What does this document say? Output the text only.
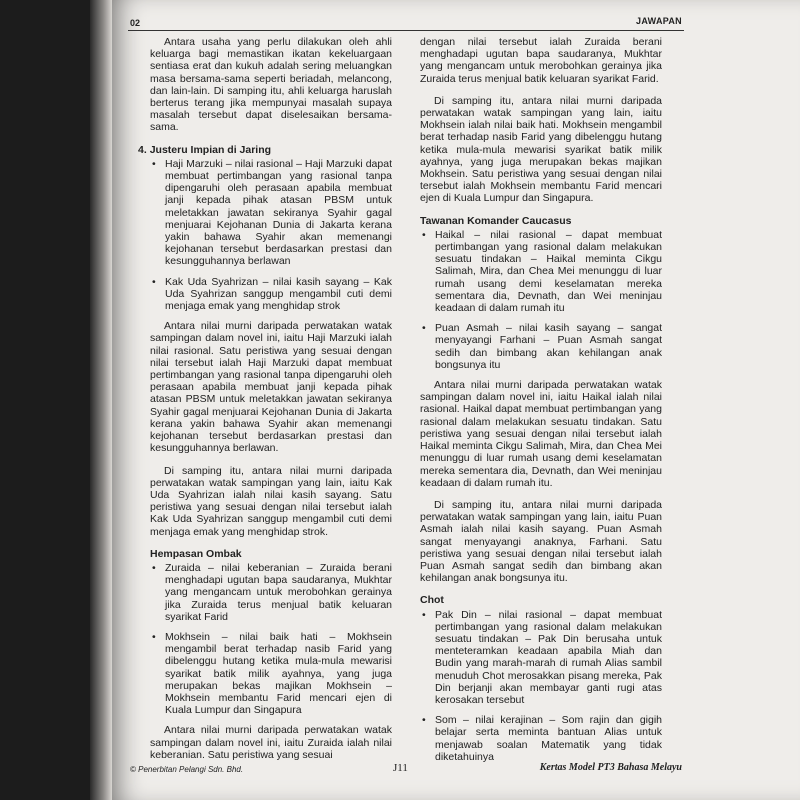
02	JAWAPAN

Antara usaha yang perlu dilakukan oleh ahli keluarga bagi memastikan ikatan kekeluargaan sentiasa erat dan kukuh adalah sering meluangkan masa bersama-sama seperti beriadah, melancong, dan lain-lain. Di samping itu, ahli keluarga haruslah berterus terang jika mempunyai masalah supaya masalah tersebut dapat diselesaikan bersama-sama.

4. Justeru Impian di Jaring
• Haji Marzuki – nilai rasional – Haji Marzuki dapat membuat pertimbangan yang rasional tanpa dipengaruhi oleh perasaan apabila membuat janji kepada pihak atasan PBSM untuk meletakkan jawatan sekiranya Syahir gagal menjuarai Kejohanan Dunia di Jakarta kerana yakin bahawa Syahir akan memenangi kejohanan tersebut berdasarkan prestasi dan kesungguhannya berlawan
• Kak Uda Syahrizan – nilai kasih sayang – Kak Uda Syahrizan sanggup mengambil cuti demi menjaga emak yang menghidap strok

Antara nilai murni daripada perwatakan watak sampingan dalam novel ini, iaitu Haji Marzuki ialah nilai rasional. Satu peristiwa yang sesuai dengan nilai tersebut ialah Haji Marzuki dapat membuat pertimbangan yang rasional tanpa dipengaruhi oleh perasaan apabila membuat janji kepada pihak atasan PBSM untuk meletakkan jawatan sekiranya Syahir gagal menjuarai Kejohanan Dunia di Jakarta kerana yakin bahawa Syahir akan memenangi kejohanan tersebut berdasarkan prestasi dan kesungguhannya berlawan.

Di samping itu, antara nilai murni daripada perwatakan watak sampingan yang lain, iaitu Kak Uda Syahrizan ialah nilai kasih sayang. Satu peristiwa yang sesuai dengan nilai tersebut ialah Kak Uda Syahrizan sanggup mengambil cuti demi menjaga emak yang menghidap strok.

Hempasan Ombak
• Zuraida – nilai keberanian – Zuraida berani menghadapi ugutan bapa saudaranya, Mukhtar yang mengancam untuk merobohkan gerainya jika Zuraida terus menjual batik keluaran syarikat Farid
• Mokhsein – nilai baik hati – Mokhsein mengambil berat terhadap nasib Farid yang dibelenggu hutang ketika mula-mula mewarisi syarikat batik milik ayahnya, yang juga merupakan bekas majikan Mokhsein – Mokhsein membantu Farid mencari ejen di Kuala Lumpur dan Singapura

Antara nilai murni daripada perwatakan watak sampingan dalam novel ini, iaitu Zuraida ialah nilai keberanian. Satu peristiwa yang sesuai

dengan nilai tersebut ialah Zuraida berani menghadapi ugutan bapa saudaranya, Mukhtar yang mengancam untuk merobohkan gerainya jika Zuraida terus menjual batik keluaran syarikat Farid.

Di samping itu, antara nilai murni daripada perwatakan watak sampingan yang lain, iaitu Mokhsein ialah nilai baik hati. Mokhsein mengambil berat terhadap nasib Farid yang dibelenggu hutang ketika mula-mula mewarisi syarikat batik milik ayahnya, yang juga merupakan bekas majikan Mokhsein. Satu peristiwa yang sesuai dengan nilai tersebut ialah Mokhsein membantu Farid mencari ejen di Kuala Lumpur dan Singapura.

Tawanan Komander Caucasus
• Haikal – nilai rasional – dapat membuat pertimbangan yang rasional dalam melakukan sesuatu tindakan – Haikal meminta Cikgu Salimah, Mira, dan Chea Mei menunggu di luar rumah usang demi keselamatan mereka sementara dia, Devnath, dan Wei meninjau keadaan di dalam rumah itu
• Puan Asmah – nilai kasih sayang – sangat menyayangi Farhani – Puan Asmah sangat sedih dan bimbang akan kehilangan anak bongsunya itu

Antara nilai murni daripada perwatakan watak sampingan dalam novel ini, iaitu Haikal ialah nilai rasional. Haikal dapat membuat pertimbangan yang rasional dalam melakukan sesuatu tindakan. Satu peristiwa yang sesuai dengan nilai tersebut ialah Haikal meminta Cikgu Salimah, Mira, dan Chea Mei menunggu di luar rumah usang demi keselamatan mereka sementara dia, Devnath, dan Wei meninjau keadaan di dalam rumah itu.

Di samping itu, antara nilai murni daripada perwatakan watak sampingan yang lain, iaitu Puan Asmah ialah nilai kasih sayang. Puan Asmah sangat menyayangi anaknya, Farhani. Satu peristiwa yang sesuai dengan nilai tersebut ialah Puan Asmah sangat sedih dan bimbang akan kehilangan anak bongsunya itu.

Chot
• Pak Din – nilai rasional – dapat membuat pertimbangan yang rasional dalam melakukan sesuatu tindakan – Pak Din berusaha untuk menteteramkan keadaan apabila Miah dan Budin yang marah-marah di rumah Alias sambil menuduh Chot merosakkan pisang mereka, Pak Din berjanji akan membayar ganti rugi atas kerosakan tersebut
• Som – nilai kerajinan – Som rajin dan gigih belajar serta meminta bantuan Alias untuk menjawab soalan Matematik yang tidak diketahuinya
© Penerbitan Pelangi Sdn. Bhd.	J11	Kertas Model PT3 Bahasa Melayu
